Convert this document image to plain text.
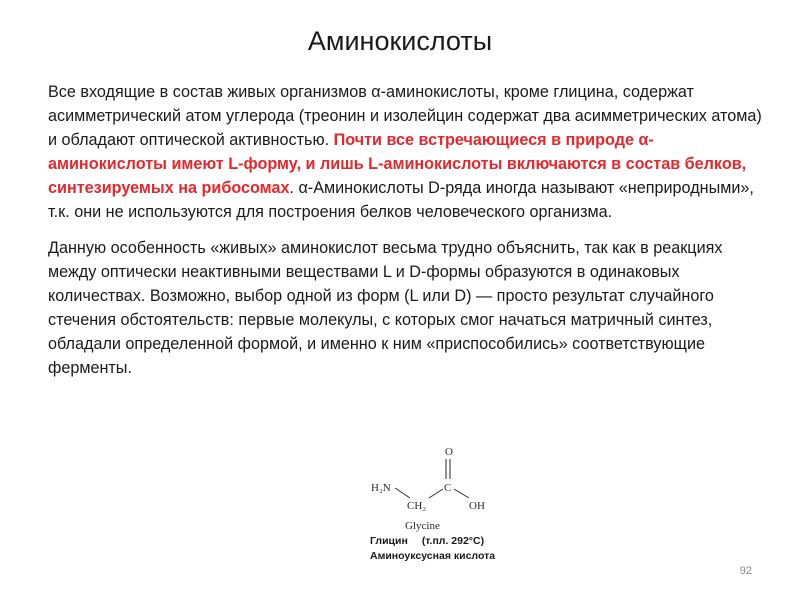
Аминокислоты

Все входящие в состав живых организмов α-аминокислоты, кроме глицина, содержат асимметрический атом углерода (треонин и изолейцин содержат два асимметрических атома) и обладают оптической активностью. Почти все встречающиеся в природе α-аминокислоты имеют L-форму, и лишь L-аминокислоты включаются в состав белков, синтезируемых на рибосомах. α-Аминокислоты D-ряда иногда называют «неприродными», т.к. они не используются для построения белков человеческого организма.

Данную особенность «живых» аминокислот весьма трудно объяснить, так как в реакциях между оптически неактивными веществами L и D-формы образуются в одинаковых количествах. Возможно, выбор одной из форм (L или D) — просто результат случайного стечения обстоятельств: первые молекулы, с которых смог начаться матричный синтез, обладали определенной формой, и именно к ним «приспособились» соответствующие ферменты.

O
H₂N
CH₂
C
OH
Glycine
Глицин (т.пл. 292°C)
Аминоуксусная кислота
92
